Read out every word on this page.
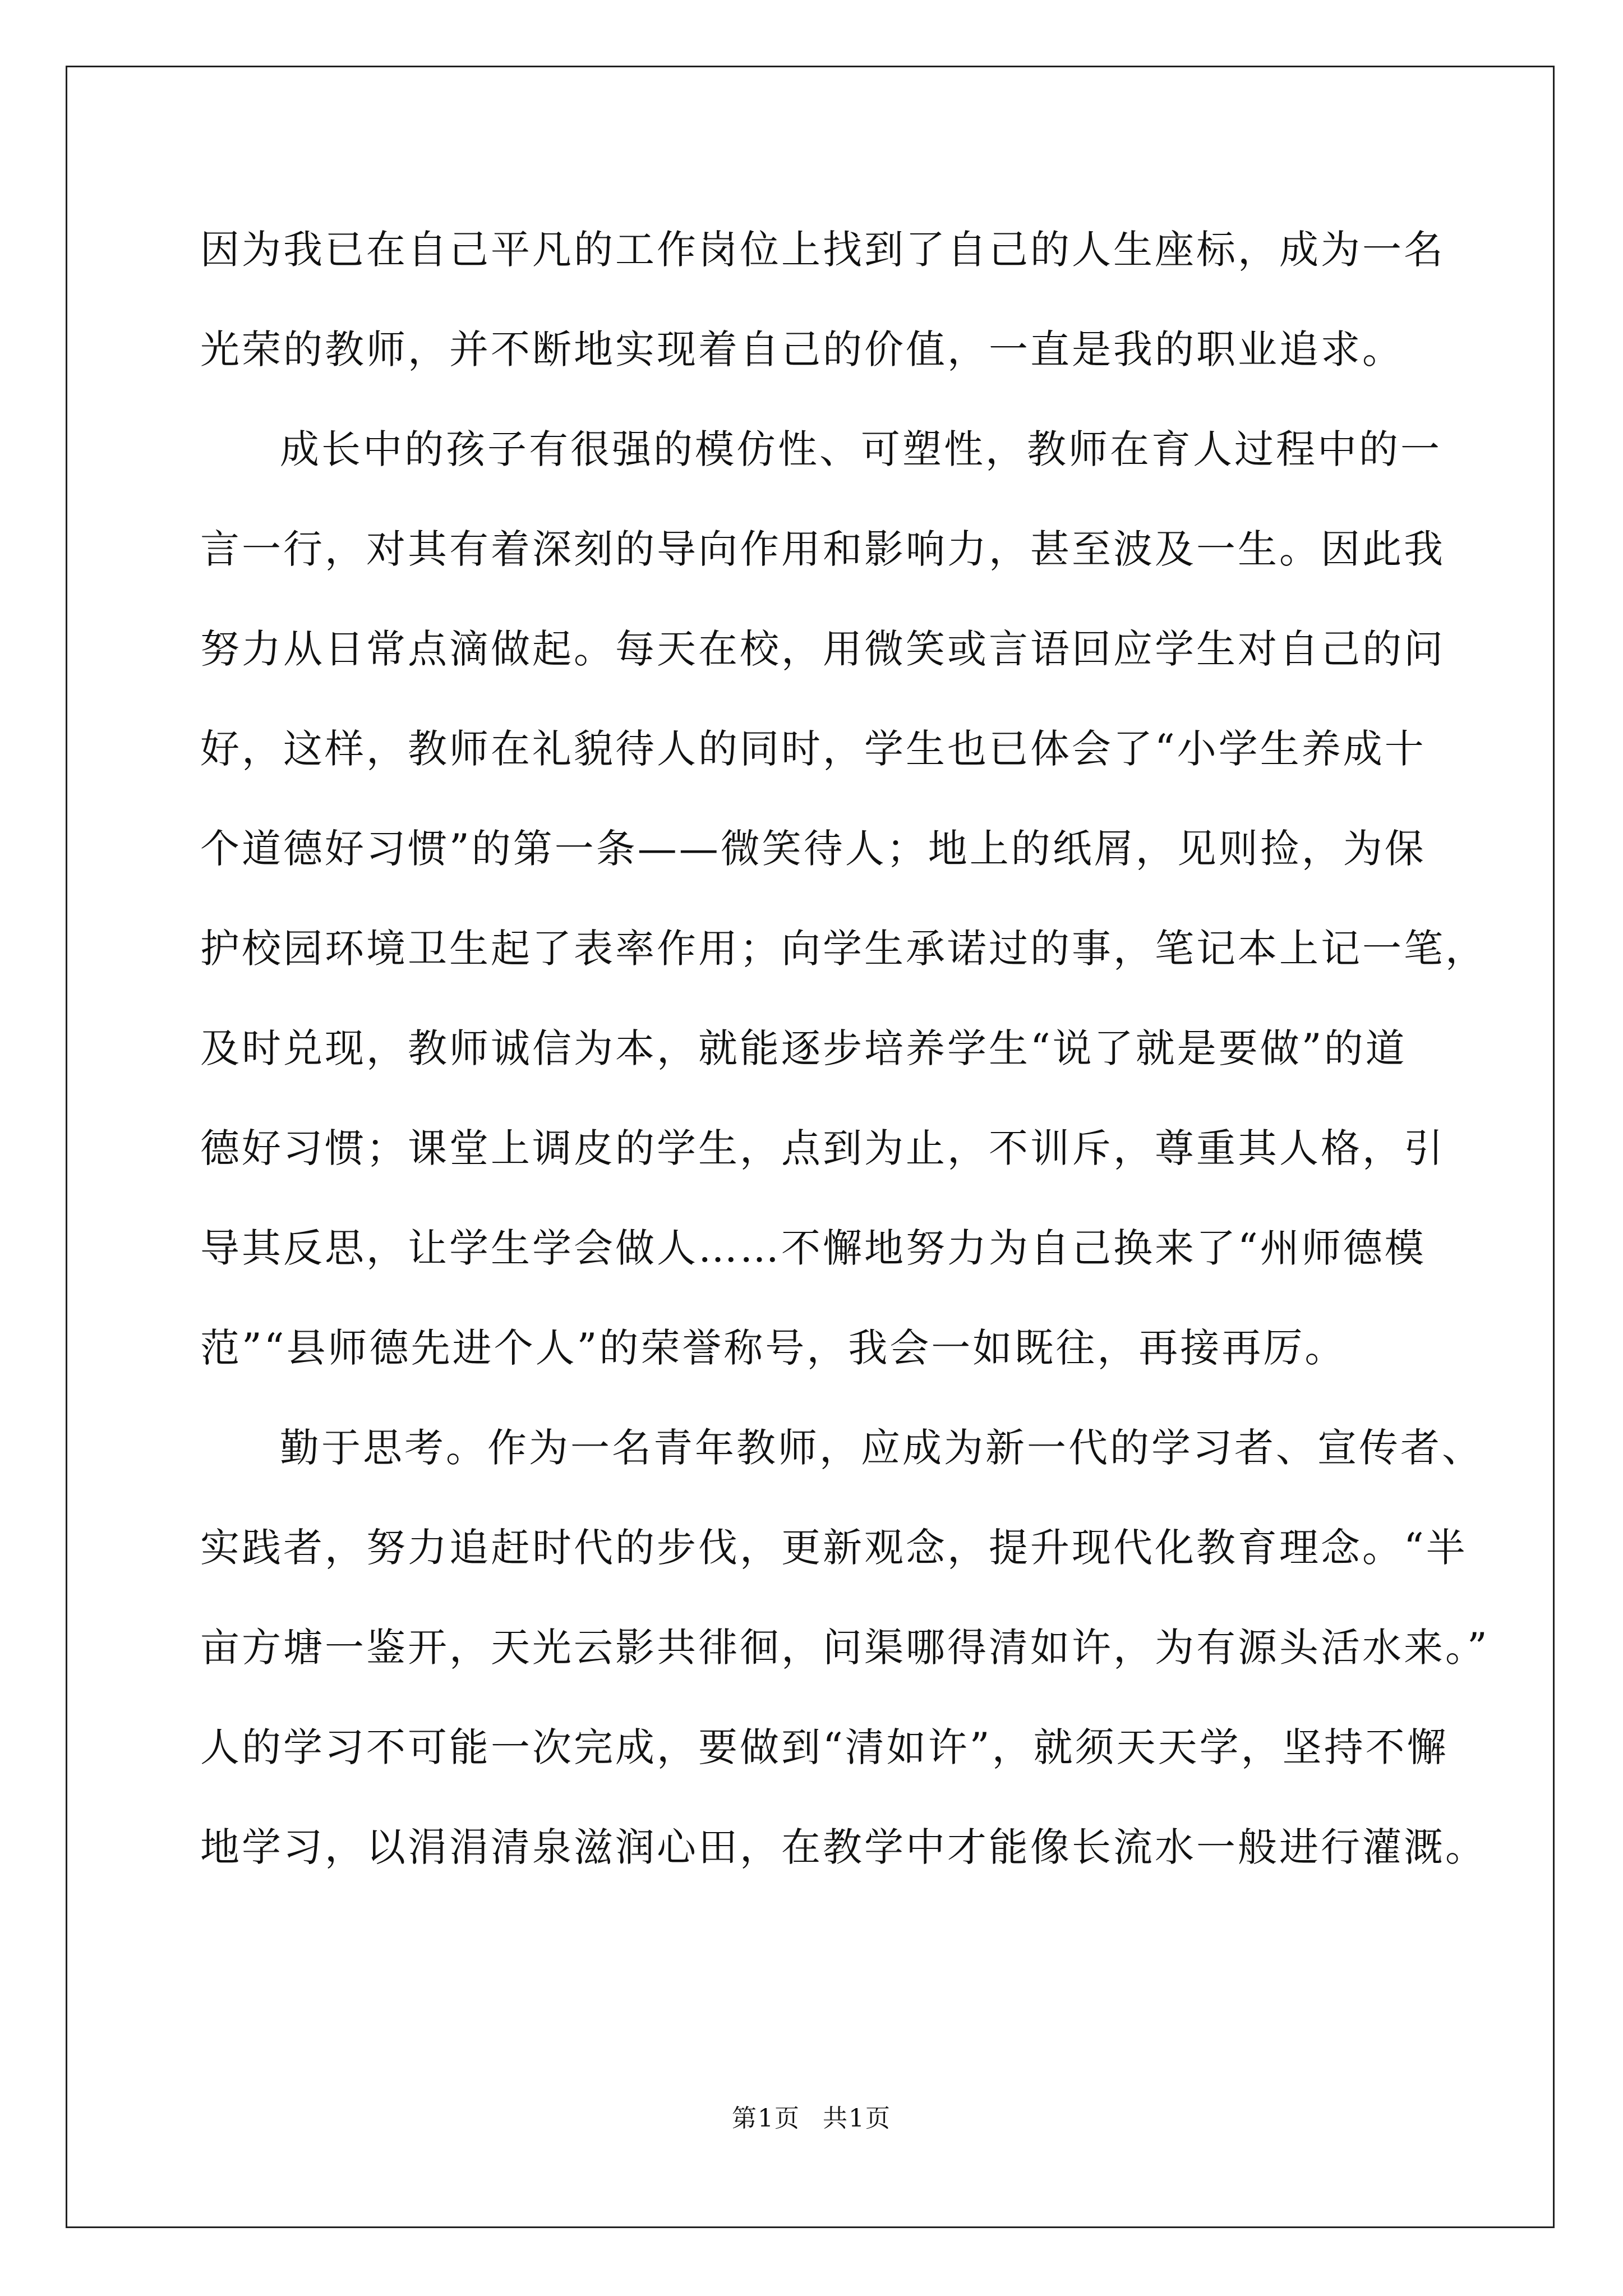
因为我已在自己平凡的工作岗位上找到了自己的人生座标，成为一名
光荣的教师，并不断地实现着自己的价值，一直是我的职业追求。
成长中的孩子有很强的模仿性、可塑性，教师在育人过程中的一
言一行，对其有着深刻的导向作用和影响力，甚至波及一生。因此我
努力从日常点滴做起。每天在校，用微笑或言语回应学生对自己的问
好，这样，教师在礼貌待人的同时，学生也已体会了“小学生养成十
个道德好习惯”的第一条——微笑待人；地上的纸屑，见则捡，为保
护校园环境卫生起了表率作用；向学生承诺过的事，笔记本上记一笔，
及时兑现，教师诚信为本，就能逐步培养学生“说了就是要做”的道
德好习惯；课堂上调皮的学生，点到为止，不训斥，尊重其人格，引
导其反思，让学生学会做人……不懈地努力为自己换来了“州师德模
范”“县师德先进个人”的荣誉称号，我会一如既往，再接再厉。
勤于思考。作为一名青年教师，应成为新一代的学习者、宣传者、
实践者，努力追赶时代的步伐，更新观念，提升现代化教育理念。“半
亩方塘一鉴开，天光云影共徘徊，问渠哪得清如许，为有源头活水来。”
人的学习不可能一次完成，要做到“清如许”，就须天天学，坚持不懈
地学习，以涓涓清泉滋润心田，在教学中才能像长流水一般进行灌溉。
第1页 共1页
